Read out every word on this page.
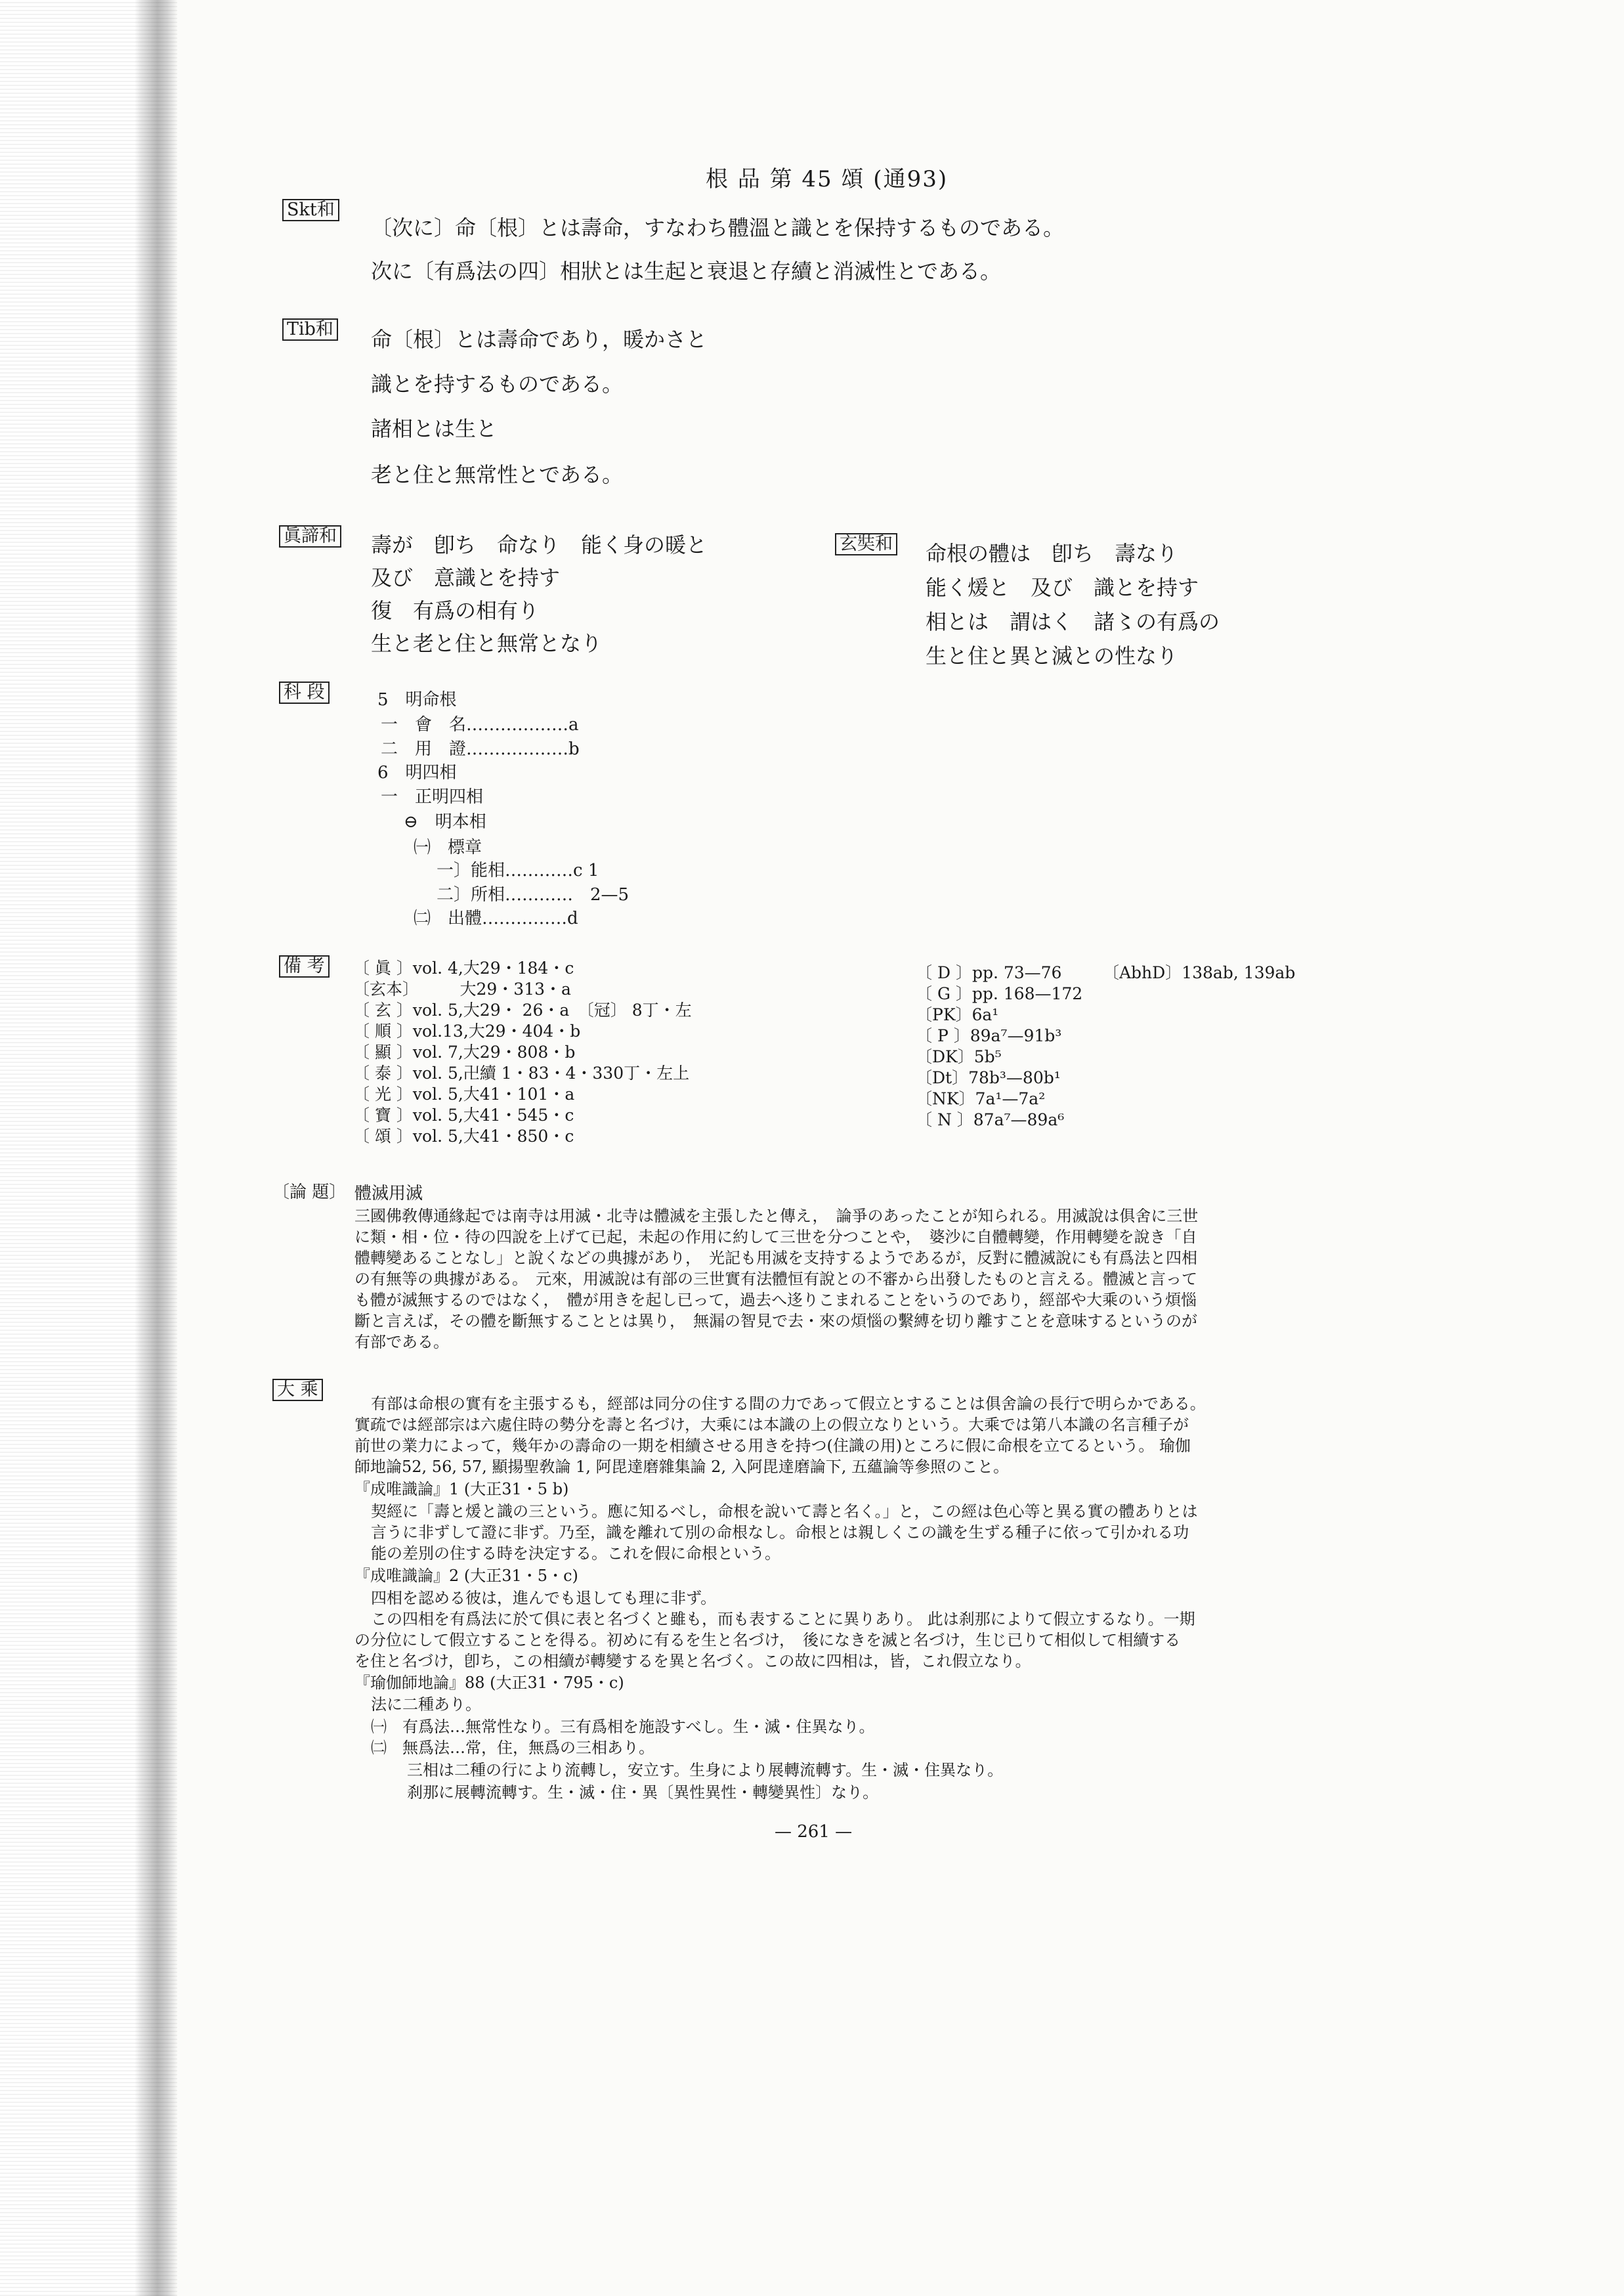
根 品 第 45 頌 (通93)
Skt和
〔次に〕命〔根〕とは壽命，すなわち體溫と識とを保持するものである。
次に〔有爲法の四〕相狀とは生起と衰退と存續と消滅性とである。
Tib和 命〔根〕とは壽命であり，暖かさと
識とを持するものである。
諸相とは生と
老と住と無常性とである。
眞諦和 壽が　卽ち　命なり　能く身の暖と
及び　意識とを持す
復　有爲の相有り
生と老と住と無常となり
玄奘和 命根の體は　卽ち　壽なり
能く煖と　及び　識とを持す
相とは　謂はく　諸〻の有爲の
生と住と異と滅との性なり
科 段	5　明命根
一　會　名………………a
二　用　證………………b
6　明四相
一　正明四相
⊖　明本相
㈠　標章
一〕能相…………c 1
二〕所相…………　2—5
㈡　出體……………d
備 考 〔 眞 〕vol. 4,大29・184・c
〔玄本〕　　　大29・313・a
〔 玄 〕vol. 5,大29・ 26・a　〔冠〕 8丁・左
〔 順 〕vol.13,大29・404・b
〔 顯 〕vol. 7,大29・808・b
〔 泰 〕vol. 5,卍續 1・83・4・330丁・左上
〔 光 〕vol. 5,大41・101・a
〔 寶 〕vol. 5,大41・545・c
〔 頌 〕vol. 5,大41・850・c
〔 D 〕pp. 73—76　　　〔AbhD〕138ab, 139ab
〔 G 〕pp. 168—172
〔PK〕6a¹
〔 P 〕89a⁷—91b³
〔DK〕5b⁵
〔Dt〕78b³—80b¹
〔NK〕7a¹—7a²
〔 N 〕87a⁷—89a⁶
〔論 題〕 體滅用滅
三國佛敎傳通緣起では南寺は用滅・北寺は體滅を主張したと傳え，　論爭のあったことが知られる。用滅說は俱舍に三世
に類・相・位・待の四說を上げて已起，未起の作用に約して三世を分つことや，　婆沙に自體轉變，作用轉變を說き「自
體轉變あることなし」と說くなどの典據があり，　光記も用滅を支持するようであるが，反對に體滅說にも有爲法と四相
の有無等の典據がある。　元來，用滅說は有部の三世實有法體恒有說との不審から出發したものと言える。體滅と言って
も體が滅無するのではなく，　體が用きを起し已って，過去へ迻りこまれることをいうのであり，經部や大乘のいう煩惱
斷と言えば，その體を斷無することとは異り，　無漏の智見で去・來の煩惱の繫縛を切り離すことを意味するというのが
有部である。
大 乘
有部は命根の實有を主張するも，經部は同分の住する間の力であって假立とすることは俱舍論の長行で明らかである。
實疏では經部宗は六處住時の勢分を壽と名づけ，大乘には本識の上の假立なりという。大乘では第八本識の名言種子が
前世の業力によって，幾年かの壽命の一期を相續させる用きを持つ(住識の用)ところに假に命根を立てるという。 瑜伽
師地論52, 56, 57, 顯揚聖敎論 1, 阿毘達磨雜集論 2, 入阿毘達磨論下, 五蘊論等參照のこと。
『成唯識論』1 (大正31・5 b)
契經に「壽と煖と識の三という。應に知るべし，命根を說いて壽と名く。」と，この經は色心等と異る實の體ありとは
言うに非ずして證に非ず。乃至，識を離れて別の命根なし。命根とは親しくこの識を生ずる種子に依って引かれる功
能の差別の住する時を決定する。これを假に命根という。
『成唯識論』2 (大正31・5・c)
四相を認める彼は，進んでも退しても理に非ず。
この四相を有爲法に於て俱に表と名づくと雖も，而も表することに異りあり。 此は刹那によりて假立するなり。一期
の分位にして假立することを得る。初めに有るを生と名づけ，　後になきを滅と名づけ，生じ已りて相似して相續する
を住と名づけ，卽ち，この相續が轉變するを異と名づく。この故に四相は，皆，これ假立なり。
『瑜伽師地論』88 (大正31・795・c)
法に二種あり。
㈠　有爲法…無常性なり。三有爲相を施設すべし。生・滅・住異なり。
㈡　無爲法…常，住，無爲の三相あり。
三相は二種の行により流轉し，安立す。生身により展轉流轉す。生・滅・住異なり。
刹那に展轉流轉す。生・滅・住・異〔異性異性・轉變異性〕なり。
— 261 —
